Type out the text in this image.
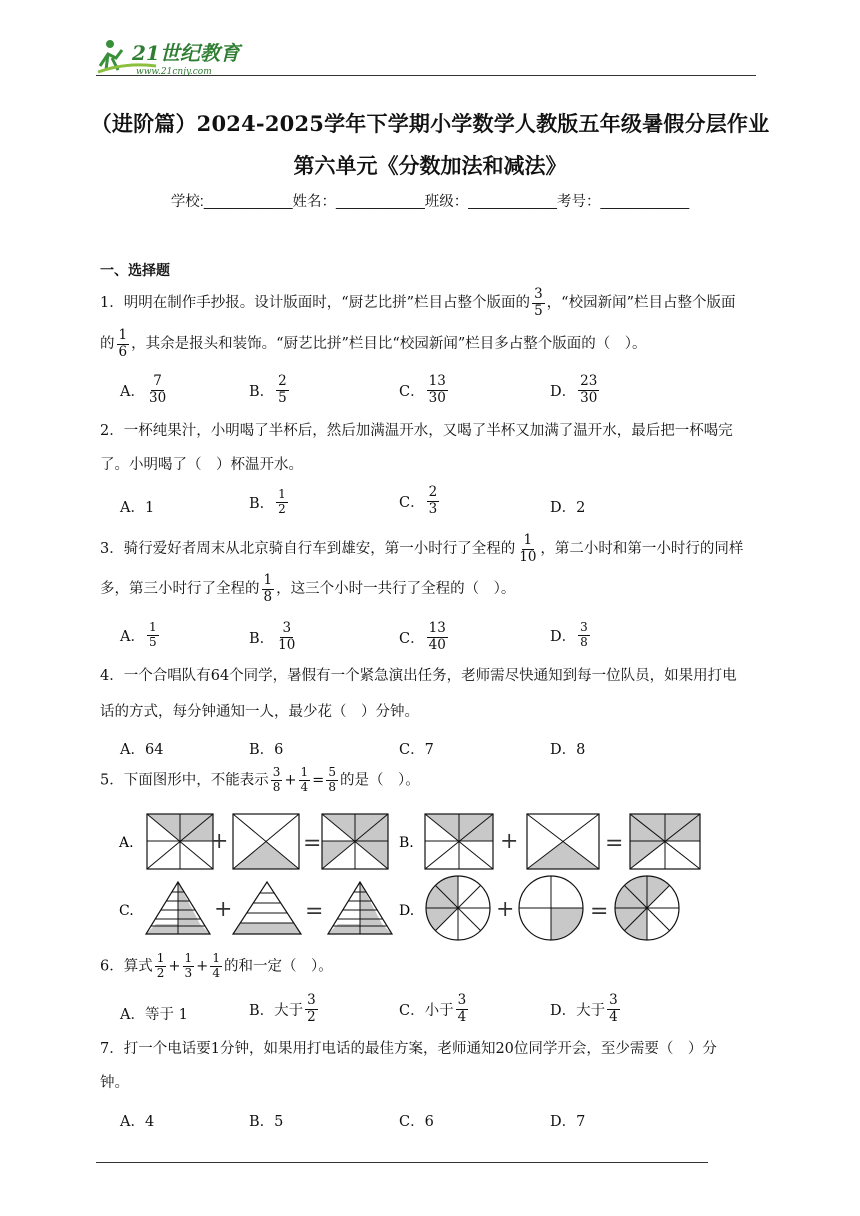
21世纪教育
www.21cnjy.com
（进阶篇）2024-2025学年下学期小学数学人教版五年级暑假分层作业
第六单元《分数加法和减法》
学校:___________姓名：___________班级：___________考号：___________
一、选择题
1．明明在制作手抄报。设计版面时，“厨艺比拼”栏目占整个版面的 $\frac{3}{5}$ ，“校园新闻”栏目占整个版面
的 $\frac{1}{6}$ ，其余是报头和装饰。“厨艺比拼”栏目比“校园新闻”栏目多占整个版面的（　）。
A． $\frac{7}{30}$	B． $\frac{2}{5}$	C． $\frac{13}{30}$	D． $\frac{23}{30}$
2．一杯纯果汁，小明喝了半杯后，然后加满温开水，又喝了半杯又加满了温开水，最后把一杯喝完
了。小明喝了（　）杯温开水。
A．1	B． $\frac{1}{2}$	C． $\frac{2}{3}$	D．2
3．骑行爱好者周末从北京骑自行车到雄安，第一小时行了全程的 $\frac{1}{10}$ ，第二小时和第一小时行的同样
多，第三小时行了全程的 $\frac{1}{8}$ ，这三个小时一共行了全程的（　）。
A． $\frac{1}{5}$	B． $\frac{3}{10}$	C． $\frac{13}{40}$	D． $\frac{3}{8}$
4．一个合唱队有64个同学，暑假有一个紧急演出任务，老师需尽快通知到每一位队员，如果用打电
话的方式，每分钟通知一人，最少花（　）分钟。
A．64	B．6	C．7	D．8
5．下面图形中，不能表示 $\frac{3}{8} + \frac{1}{4} = \frac{5}{8}$ 的是（　）。
A.	+	=	B.	+	=
C.	+	=	D.	+	=
6．算式 $\frac{1}{2} + \frac{1}{3} + \frac{1}{4}$ 的和一定（　）。
A．等于 1	B．大于 $\frac{3}{2}$	C．小于 $\frac{3}{4}$	D．大于 $\frac{3}{4}$
7．打一个电话要1分钟，如果用打电话的最佳方案，老师通知20位同学开会，至少需要（　）分
钟。
A．4	B．5	C．6	D．7
